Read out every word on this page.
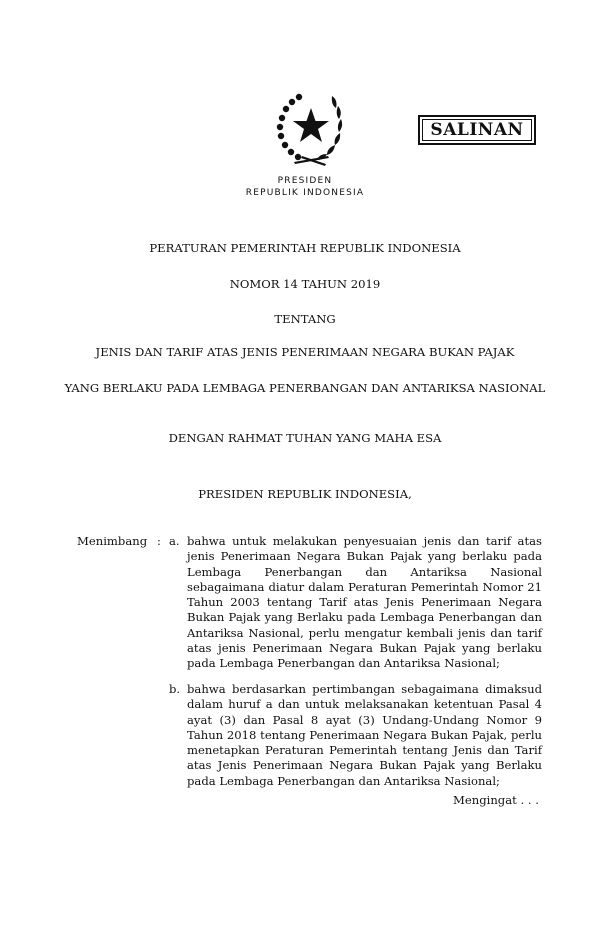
PRESIDEN
REPUBLIK INDONESIA
SALINAN
PERATURAN PEMERINTAH REPUBLIK INDONESIA
NOMOR 14 TAHUN 2019
TENTANG
JENIS DAN TARIF ATAS JENIS PENERIMAAN NEGARA BUKAN PAJAK
YANG BERLAKU PADA LEMBAGA PENERBANGAN DAN ANTARIKSA NASIONAL
DENGAN RAHMAT TUHAN YANG MAHA ESA
PRESIDEN REPUBLIK INDONESIA,
Menimbang : a. bahwa untuk melakukan penyesuaian jenis dan tarif atas jenis Penerimaan Negara Bukan Pajak yang berlaku pada Lembaga Penerbangan dan Antariksa Nasional sebagaimana diatur dalam Peraturan Pemerintah Nomor 21 Tahun 2003 tentang Tarif atas Jenis Penerimaan Negara Bukan Pajak yang Berlaku pada Lembaga Penerbangan dan Antariksa Nasional, perlu mengatur kembali jenis dan tarif atas jenis Penerimaan Negara Bukan Pajak yang berlaku pada Lembaga Penerbangan dan Antariksa Nasional;
b. bahwa berdasarkan pertimbangan sebagaimana dimaksud dalam huruf a dan untuk melaksanakan ketentuan Pasal 4 ayat (3) dan Pasal 8 ayat (3) Undang-Undang Nomor 9 Tahun 2018 tentang Penerimaan Negara Bukan Pajak, perlu menetapkan Peraturan Pemerintah tentang Jenis dan Tarif atas Jenis Penerimaan Negara Bukan Pajak yang Berlaku pada Lembaga Penerbangan dan Antariksa Nasional;
Mengingat . . .
